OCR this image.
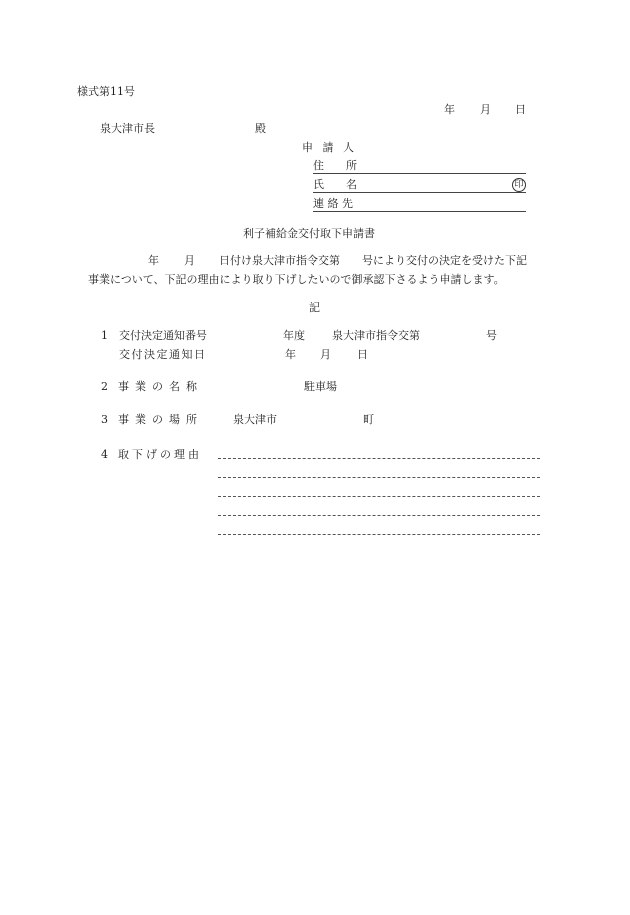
様式第11号
年 月 日
泉大津市長	殿
申 請 人
住　　所
氏　　名	印
連 絡 先
利子補給金交付取下申請書
年 月 日付け泉大津市指令交第　　号により交付の決定を受けた下記
事業について、下記の理由により取り下げしたいので御承認下さるよう申請します。
記
1 交付決定通知番号	年度 泉大津市指令交第	号
交付決定通知日	年 月 日
2 事業の名称	駐車場
3 事業の場所	泉大津市	町
4 取下げの理由
